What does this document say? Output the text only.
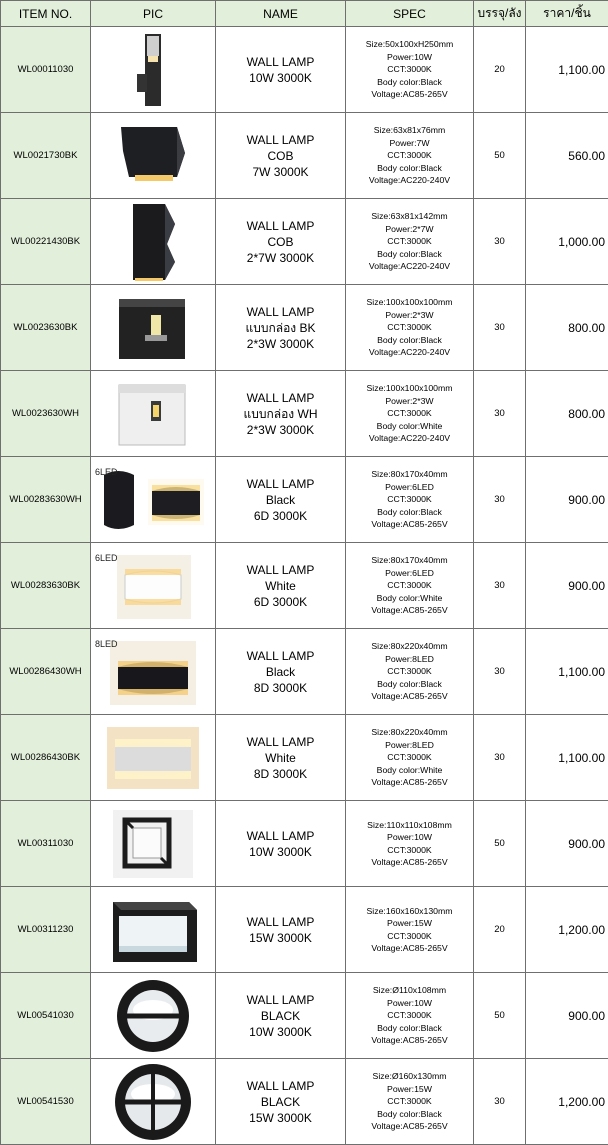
ITEM NO.	PIC	NAME	SPEC	บรรจุ/ลัง	ราคา/ชิ้น
WL00011030		WALL LAMP
10W 3000K	Size:50x100xH250mm
Power:10W
CCT:3000K
Body color:Black
Voltage:AC85-265V	20	1,100.00
WL0021730BK		WALL LAMP
COB
7W 3000K	Size:63x81x76mm
Power:7W
CCT:3000K
Body color:Black
Voltage:AC220-240V	50	560.00
WL00221430BK		WALL LAMP
COB
2*7W 3000K	Size:63x81x142mm
Power:2*7W
CCT:3000K
Body color:Black
Voltage:AC220-240V	30	1,000.00
WL0023630BK		WALL LAMP
แบบกล่อง BK
2*3W 3000K	Size:100x100x100mm
Power:2*3W
CCT:3000K
Body color:Black
Voltage:AC220-240V	30	800.00
WL0023630WH		WALL LAMP
แบบกล่อง WH
2*3W 3000K	Size:100x100x100mm
Power:2*3W
CCT:3000K
Body color:White
Voltage:AC220-240V	30	800.00
WL00283630WH	6LED	WALL LAMP
Black
6D 3000K	Size:80x170x40mm
Power:6LED
CCT:3000K
Body color:Black
Voltage:AC85-265V	30	900.00
WL00283630BK	6LED	WALL LAMP
White
6D 3000K	Size:80x170x40mm
Power:6LED
CCT:3000K
Body color:White
Voltage:AC85-265V	30	900.00
WL00286430WH	8LED	WALL LAMP
Black
8D 3000K	Size:80x220x40mm
Power:8LED
CCT:3000K
Body color:Black
Voltage:AC85-265V	30	1,100.00
WL00286430BK		WALL LAMP
White
8D 3000K	Size:80x220x40mm
Power:8LED
CCT:3000K
Body color:White
Voltage:AC85-265V	30	1,100.00
WL00311030		WALL LAMP
10W 3000K	Size:110x110x108mm
Power:10W
CCT:3000K
Voltage:AC85-265V	50	900.00
WL00311230		WALL LAMP
15W 3000K	Size:160x160x130mm
Power:15W
CCT:3000K
Voltage:AC85-265V	20	1,200.00
WL00541030		WALL LAMP
BLACK
10W 3000K	Size:Ø110x108mm
Power:10W
CCT:3000K
Body color:Black
Voltage:AC85-265V	50	900.00
WL00541530		WALL LAMP
BLACK
15W 3000K	Size:Ø160x130mm
Power:15W
CCT:3000K
Body color:Black
Voltage:AC85-265V	30	1,200.00
